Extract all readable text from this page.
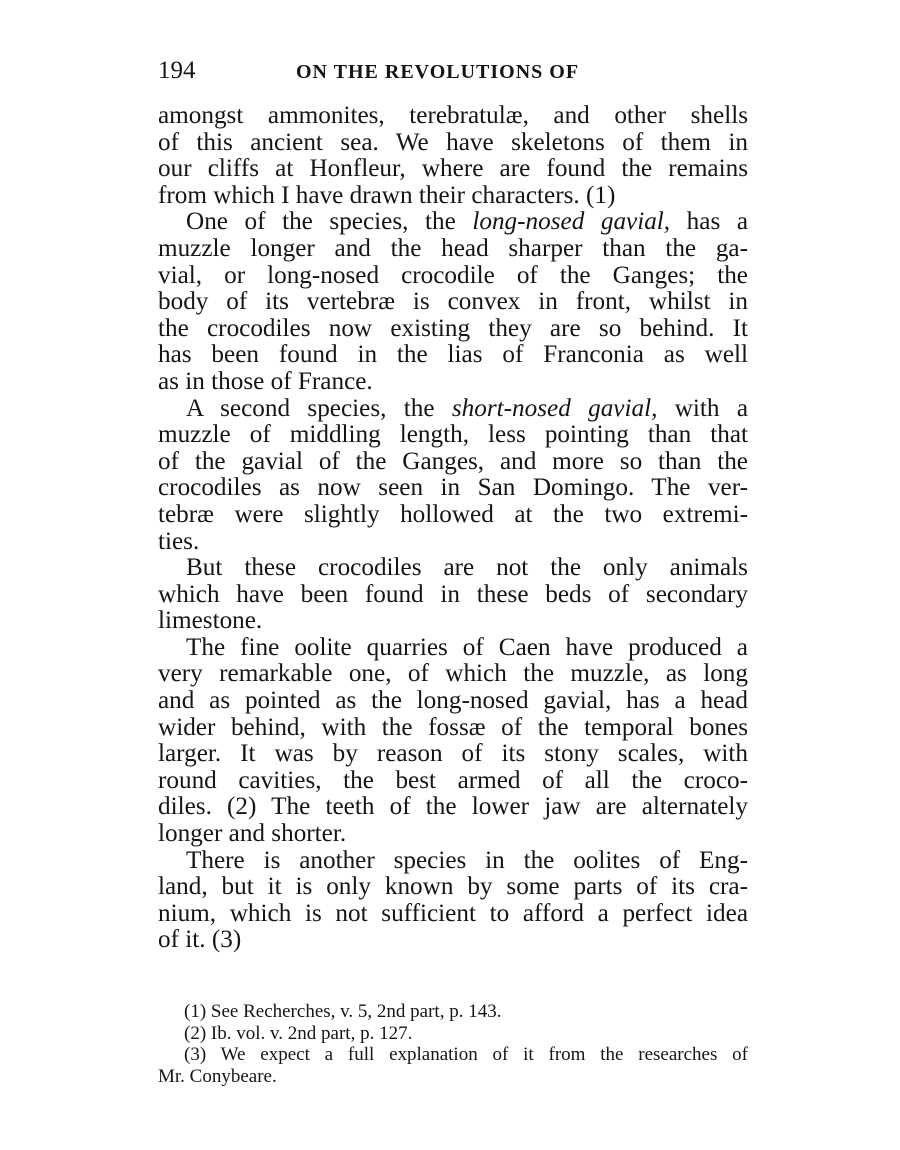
194	ON THE REVOLUTIONS OF
amongst ammonites, terebratulæ, and other shells
of this ancient sea. We have skeletons of them in
our cliffs at Honfleur, where are found the remains
from which I have drawn their characters. (1)
One of the species, the long-nosed gavial, has a
muzzle longer and the head sharper than the ga-
vial, or long-nosed crocodile of the Ganges; the
body of its vertebræ is convex in front, whilst in
the crocodiles now existing they are so behind. It
has been found in the lias of Franconia as well
as in those of France.
A second species, the short-nosed gavial, with a
muzzle of middling length, less pointing than that
of the gavial of the Ganges, and more so than the
crocodiles as now seen in San Domingo. The ver-
tebræ were slightly hollowed at the two extremi-
ties.
But these crocodiles are not the only animals
which have been found in these beds of secondary
limestone.
The fine oolite quarries of Caen have produced a
very remarkable one, of which the muzzle, as long
and as pointed as the long-nosed gavial, has a head
wider behind, with the fossæ of the temporal bones
larger. It was by reason of its stony scales, with
round cavities, the best armed of all the croco-
diles. (2) The teeth of the lower jaw are alternately
longer and shorter.
There is another species in the oolites of Eng-
land, but it is only known by some parts of its cra-
nium, which is not sufficient to afford a perfect idea
of it. (3)
(1) See Recherches, v. 5, 2nd part, p. 143.
(2) Ib. vol. v. 2nd part, p. 127.
(3) We expect a full explanation of it from the researches of
Mr. Conybeare.
